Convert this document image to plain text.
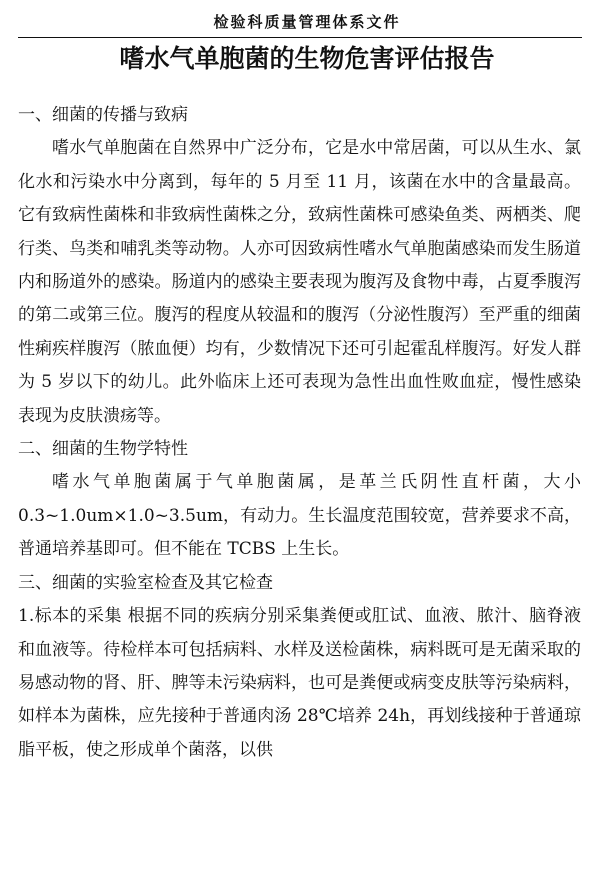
检验科质量管理体系文件
嗜水气单胞菌的生物危害评估报告

一、细菌的传播与致病

嗜水气单胞菌在自然界中广泛分布，它是水中常居菌，可以从生水、氯化水和污染水中分离到，每年的 5 月至 11 月，该菌在水中的含量最高。它有致病性菌株和非致病性菌株之分，致病性菌株可感染鱼类、两栖类、爬行类、鸟类和哺乳类等动物。人亦可因致病性嗜水气单胞菌感染而发生肠道内和肠道外的感染。肠道内的感染主要表现为腹泻及食物中毒，占夏季腹泻的第二或第三位。腹泻的程度从较温和的腹泻（分泌性腹泻）至严重的细菌性痢疾样腹泻（脓血便）均有，少数情况下还可引起霍乱样腹泻。好发人群为 5 岁以下的幼儿。此外临床上还可表现为急性出血性败血症，慢性感染表现为皮肤溃疡等。

二、细菌的生物学特性

嗜水气单胞菌属于气单胞菌属，是革兰氏阴性直杆菌，大小0.3~1.0um×1.0~3.5um，有动力。生长温度范围较宽，营养要求不高，普通培养基即可。但不能在 TCBS 上生长。

三、细菌的实验室检查及其它检查

1.标本的采集 根据不同的疾病分别采集粪便或肛试、血液、脓汁、脑脊液和血液等。待检样本可包括病料、水样及送检菌株，病料既可是无菌采取的易感动物的肾、肝、脾等未污染病料，也可是粪便或病变皮肤等污染病料，如样本为菌株，应先接种于普通肉汤 28℃培养 24h，再划线接种于普通琼脂平板，使之形成单个菌落，以供
